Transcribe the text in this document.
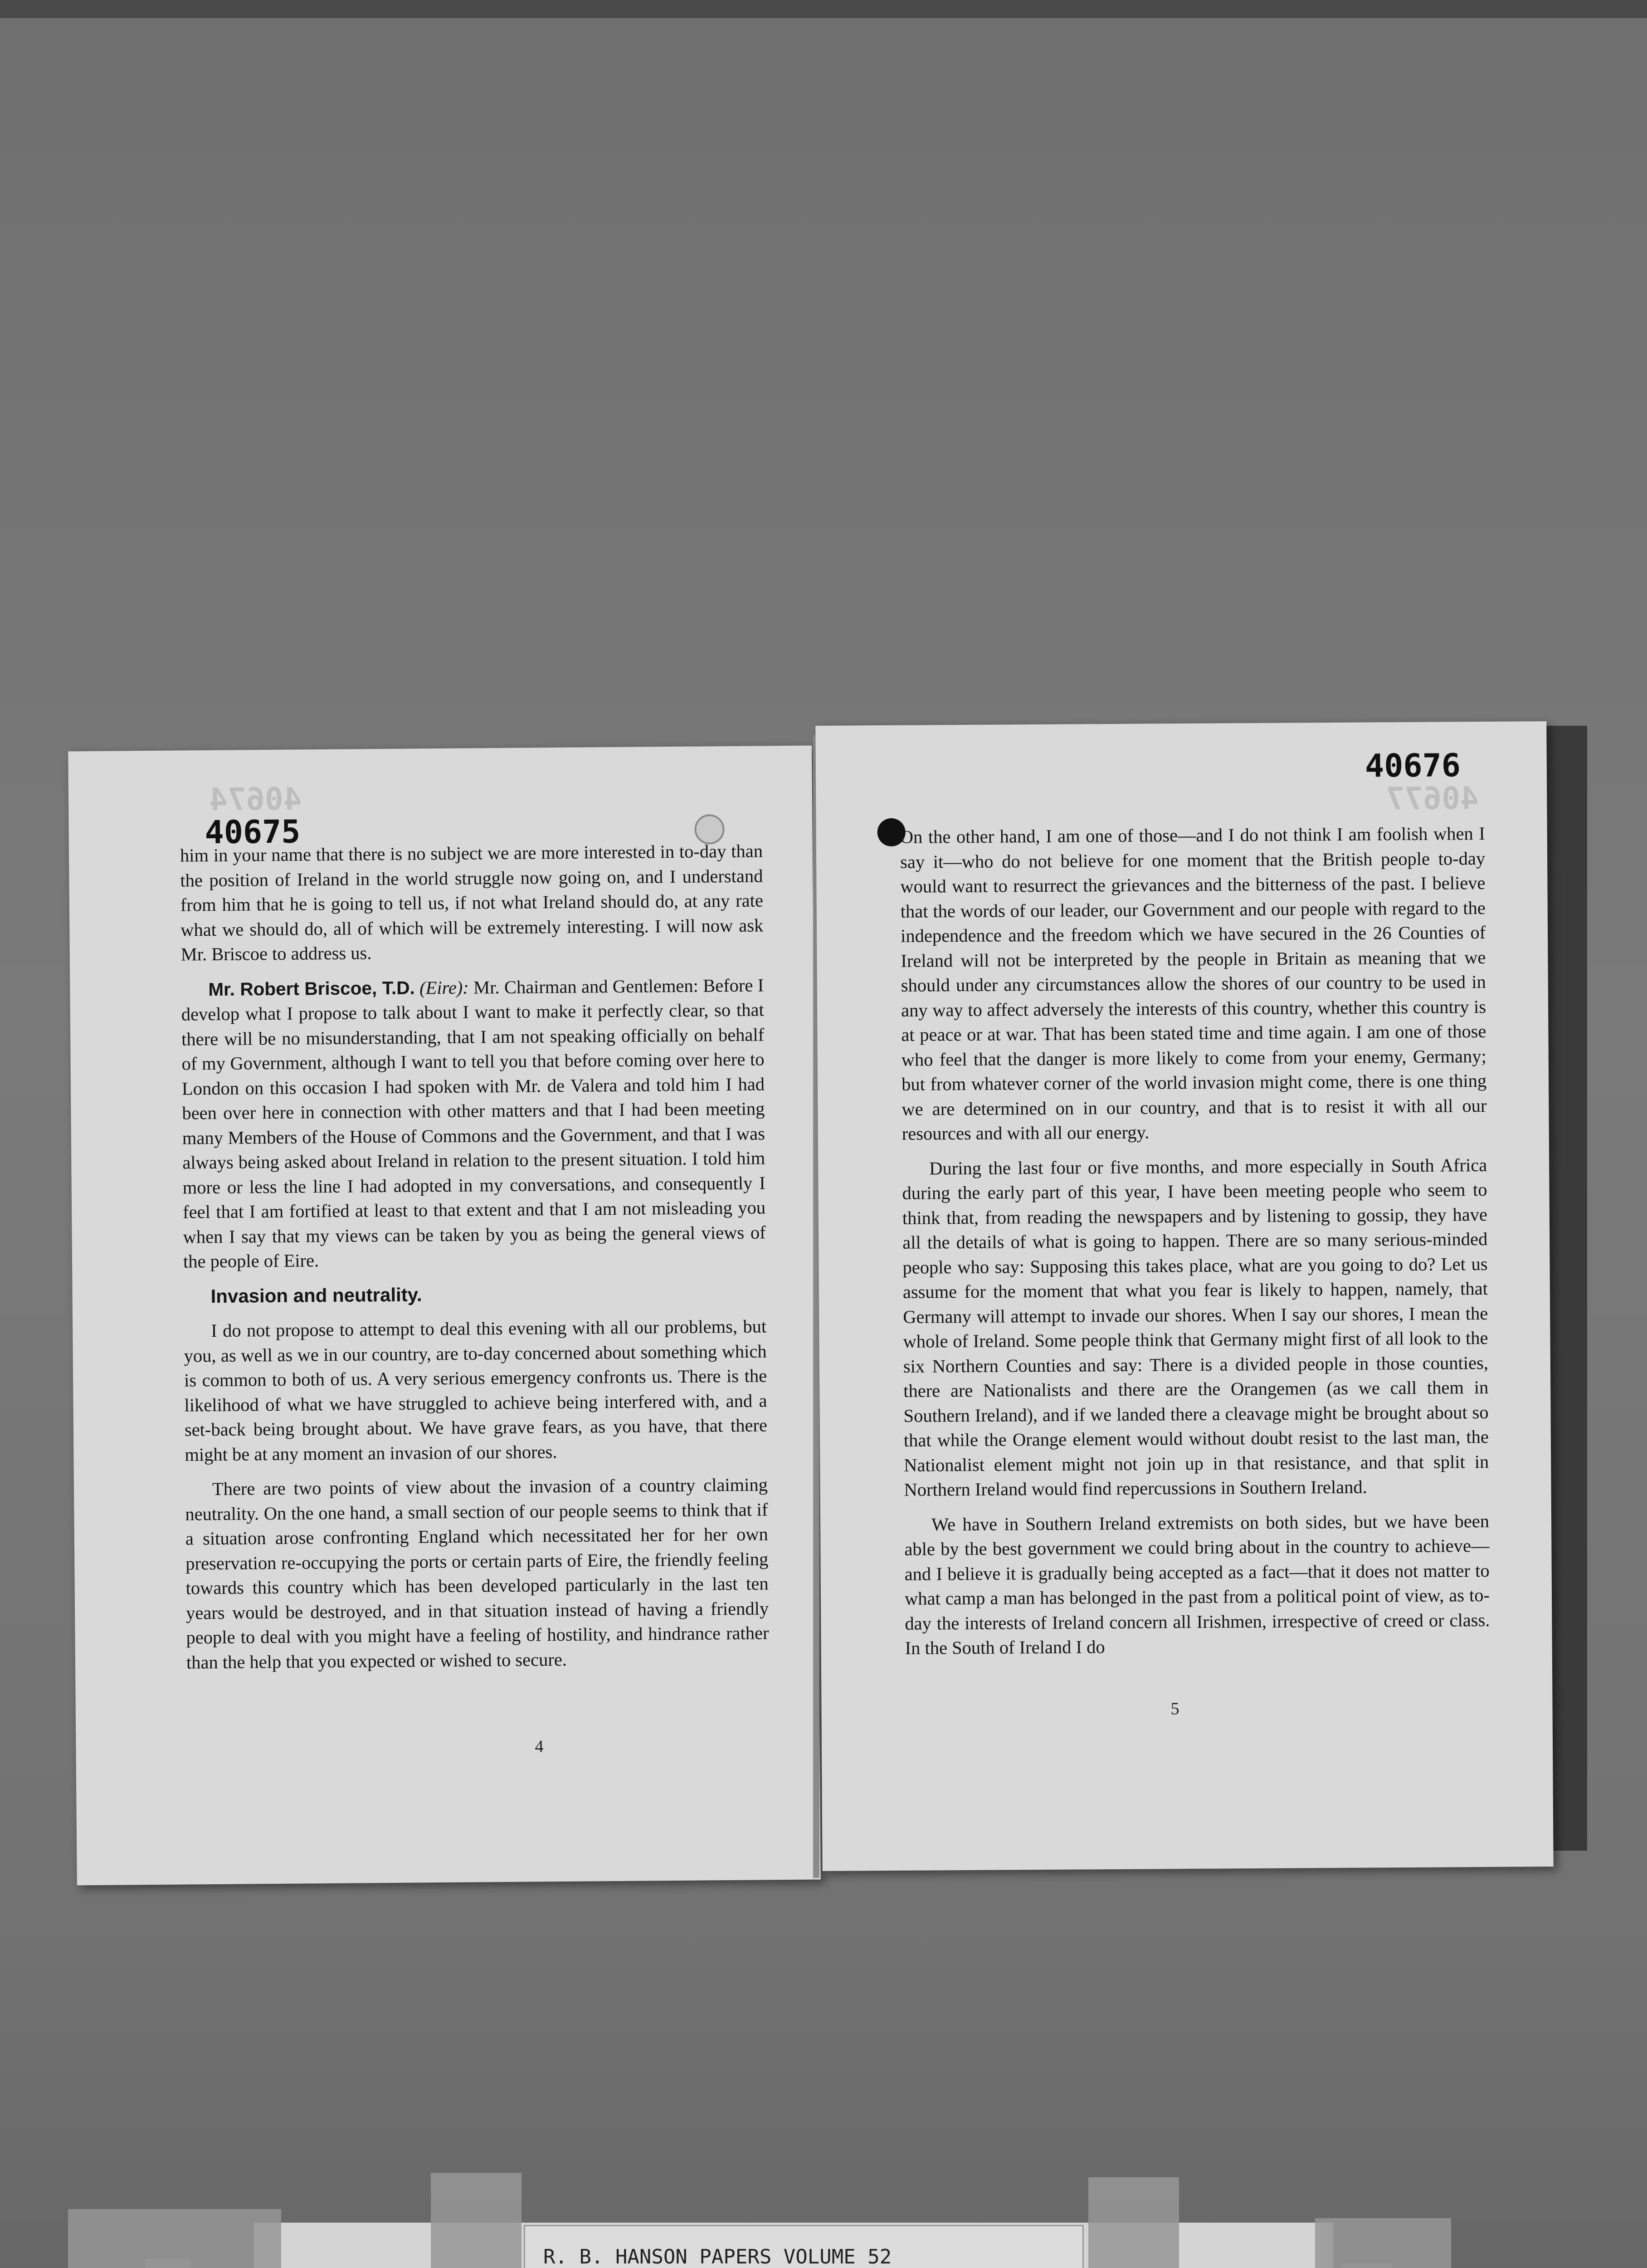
40674
40675

him in your name that there is no subject we are more interested in to-day than the position of Ireland in the world struggle now going on, and I understand from him that he is going to tell us, if not what Ireland should do, at any rate what we should do, all of which will be extremely interesting. I will now ask Mr. Briscoe to address us.

Mr. Robert Briscoe, T.D. (Eire): Mr. Chairman and Gentlemen: Before I develop what I propose to talk about I want to make it perfectly clear, so that there will be no misunderstanding, that I am not speaking officially on behalf of my Government, although I want to tell you that before coming over here to London on this occasion I had spoken with Mr. de Valera and told him I had been over here in connection with other matters and that I had been meeting many Members of the House of Commons and the Government, and that I was always being asked about Ireland in relation to the present situation. I told him more or less the line I had adopted in my conversations, and consequently I feel that I am fortified at least to that extent and that I am not misleading you when I say that my views can be taken by you as being the general views of the people of Eire.

Invasion and neutrality.

I do not propose to attempt to deal this evening with all our problems, but you, as well as we in our country, are to-day concerned about something which is common to both of us. A very serious emergency confronts us. There is the likelihood of what we have struggled to achieve being interfered with, and a set-back being brought about. We have grave fears, as you have, that there might be at any moment an invasion of our shores.

There are two points of view about the invasion of a country claiming neutrality. On the one hand, a small section of our people seems to think that if a situation arose confronting England which necessitated her for her own preservation re-occupying the ports or certain parts of Eire, the friendly feeling towards this country which has been developed particularly in the last ten years would be destroyed, and in that situation instead of having a friendly people to deal with you might have a feeling of hostility, and hindrance rather than the help that you expected or wished to secure.

4
40677
40676

On the other hand, I am one of those—and I do not think I am foolish when I say it—who do not believe for one moment that the British people to-day would want to resurrect the grievances and the bitterness of the past. I believe that the words of our leader, our Government and our people with regard to the independence and the freedom which we have secured in the 26 Counties of Ireland will not be interpreted by the people in Britain as meaning that we should under any circumstances allow the shores of our country to be used in any way to affect adversely the interests of this country, whether this country is at peace or at war. That has been stated time and time again. I am one of those who feel that the danger is more likely to come from your enemy, Germany; but from whatever corner of the world invasion might come, there is one thing we are determined on in our country, and that is to resist it with all our resources and with all our energy.

During the last four or five months, and more especially in South Africa during the early part of this year, I have been meeting people who seem to think that, from reading the newspapers and by listening to gossip, they have all the details of what is going to happen. There are so many serious-minded people who say: Supposing this takes place, what are you going to do? Let us assume for the moment that what you fear is likely to happen, namely, that Germany will attempt to invade our shores. When I say our shores, I mean the whole of Ireland. Some people think that Germany might first of all look to the six Northern Counties and say: There is a divided people in those counties, there are Nationalists and there are the Orangemen (as we call them in Southern Ireland), and if we landed there a cleavage might be brought about so that while the Orange element would without doubt resist to the last man, the Nationalist element might not join up in that resistance, and that split in Northern Ireland would find repercussions in Southern Ireland.

We have in Southern Ireland extremists on both sides, but we have been able by the best government we could bring about in the country to achieve—and I believe it is gradually being accepted as a fact—that it does not matter to what camp a man has belonged in the past from a political point of view, as to-day the interests of Ireland concern all Irishmen, irrespective of creed or class. In the South of Ireland I do

5
R. B. HANSON PAPERS VOLUME 52
